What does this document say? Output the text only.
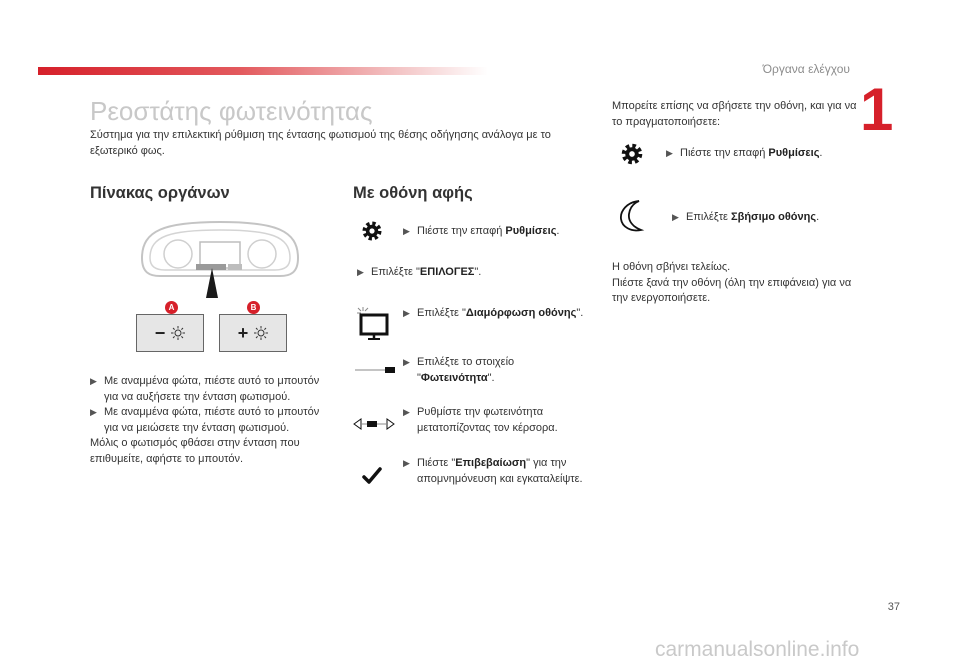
Όργανα ελέγχου
1
Ρεοστάτης φωτεινότητας
Σύστημα για την επιλεκτική ρύθμιση της έντασης φωτισμού της θέσης οδήγησης ανάλογα με το εξωτερικό φως.
Πίνακας οργάνων
A
−
B
+
▶ Με αναμμένα φώτα, πιέστε αυτό το μπουτόν για να αυξήσετε την ένταση φωτισμού.
▶ Με αναμμένα φώτα, πιέστε αυτό το μπουτόν για να μειώσετε την ένταση φωτισμού.
Μόλις ο φωτισμός φθάσει στην ένταση που επιθυμείτε, αφήστε το μπουτόν.
Με οθόνη αφής
▶ Πιέστε την επαφή Ρυθμίσεις.
▶ Επιλέξτε "ΕΠΙΛΟΓΕΣ".
▶ Επιλέξτε "Διαμόρφωση οθόνης".
▶ Επιλέξτε το στοιχείο "Φωτεινότητα".
▶ Ρυθμίστε την φωτεινότητα μετατοπίζοντας τον κέρσορα.
▶ Πιέστε "Επιβεβαίωση" για την απομνημόνευση και εγκαταλείψτε.
Μπορείτε επίσης να σβήσετε την οθόνη, και για να το πραγματοποιήσετε:
▶ Πιέστε την επαφή Ρυθμίσεις.
▶ Επιλέξτε Σβήσιμο οθόνης.
Η οθόνη σβήνει τελείως.
Πιέστε ξανά την οθόνη (όλη την επιφάνεια) για να την ενεργοποιήσετε.
37
carmanualsonline.info
